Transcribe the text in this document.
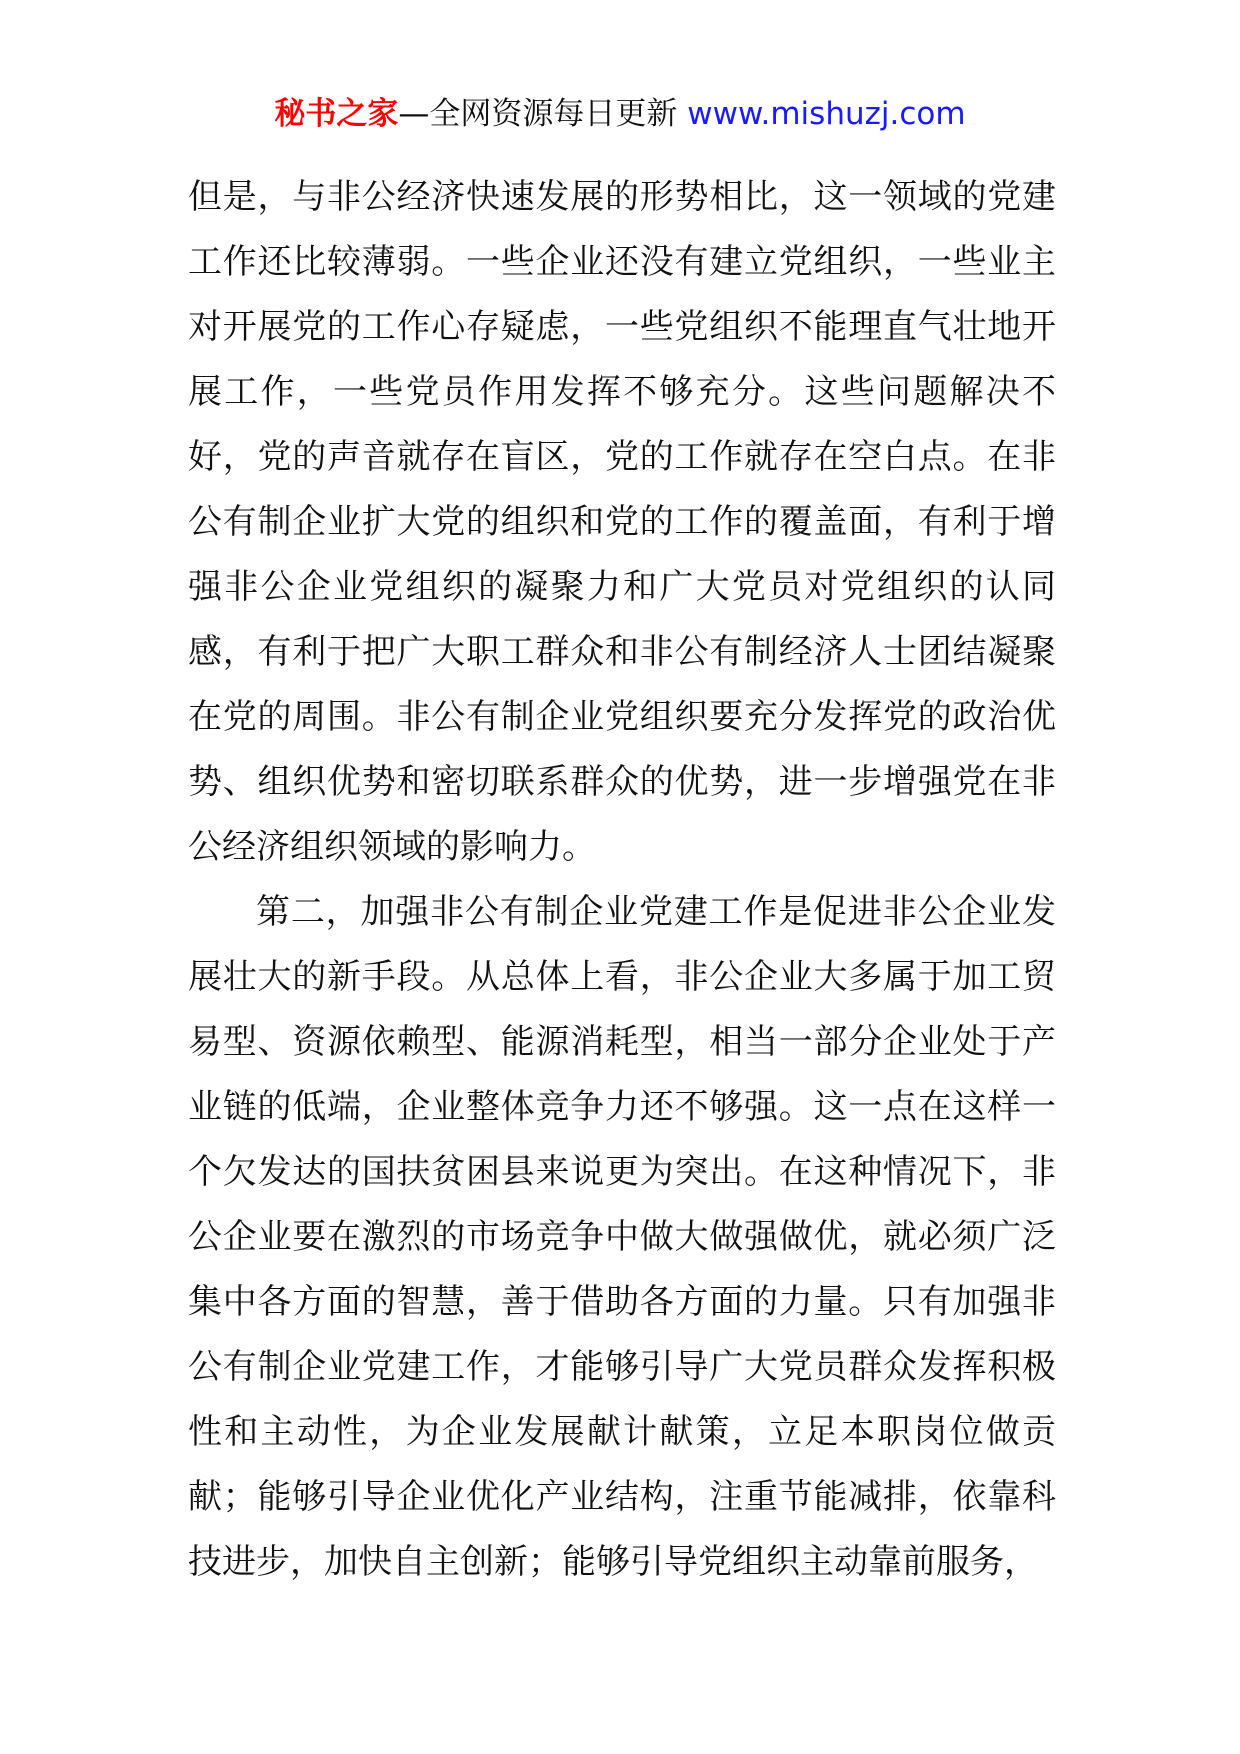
秘书之家—全网资源每日更新 www.mishuzj.com

但是，与非公经济快速发展的形势相比，这一领域的党建工作还比较薄弱。一些企业还没有建立党组织，一些业主对开展党的工作心存疑虑，一些党组织不能理直气壮地开展工作，一些党员作用发挥不够充分。这些问题解决不好，党的声音就存在盲区，党的工作就存在空白点。在非公有制企业扩大党的组织和党的工作的覆盖面，有利于增强非公企业党组织的凝聚力和广大党员对党组织的认同感，有利于把广大职工群众和非公有制经济人士团结凝聚在党的周围。非公有制企业党组织要充分发挥党的政治优势、组织优势和密切联系群众的优势，进一步增强党在非公经济组织领域的影响力。

第二，加强非公有制企业党建工作是促进非公企业发展壮大的新手段。从总体上看，非公企业大多属于加工贸易型、资源依赖型、能源消耗型，相当一部分企业处于产业链的低端，企业整体竞争力还不够强。这一点在这样一个欠发达的国扶贫困县来说更为突出。在这种情况下，非公企业要在激烈的市场竞争中做大做强做优，就必须广泛集中各方面的智慧，善于借助各方面的力量。只有加强非公有制企业党建工作，才能够引导广大党员群众发挥积极性和主动性，为企业发展献计献策，立足本职岗位做贡献；能够引导企业优化产业结构，注重节能减排，依靠科技进步，加快自主创新；能够引导党组织主动靠前服务，
